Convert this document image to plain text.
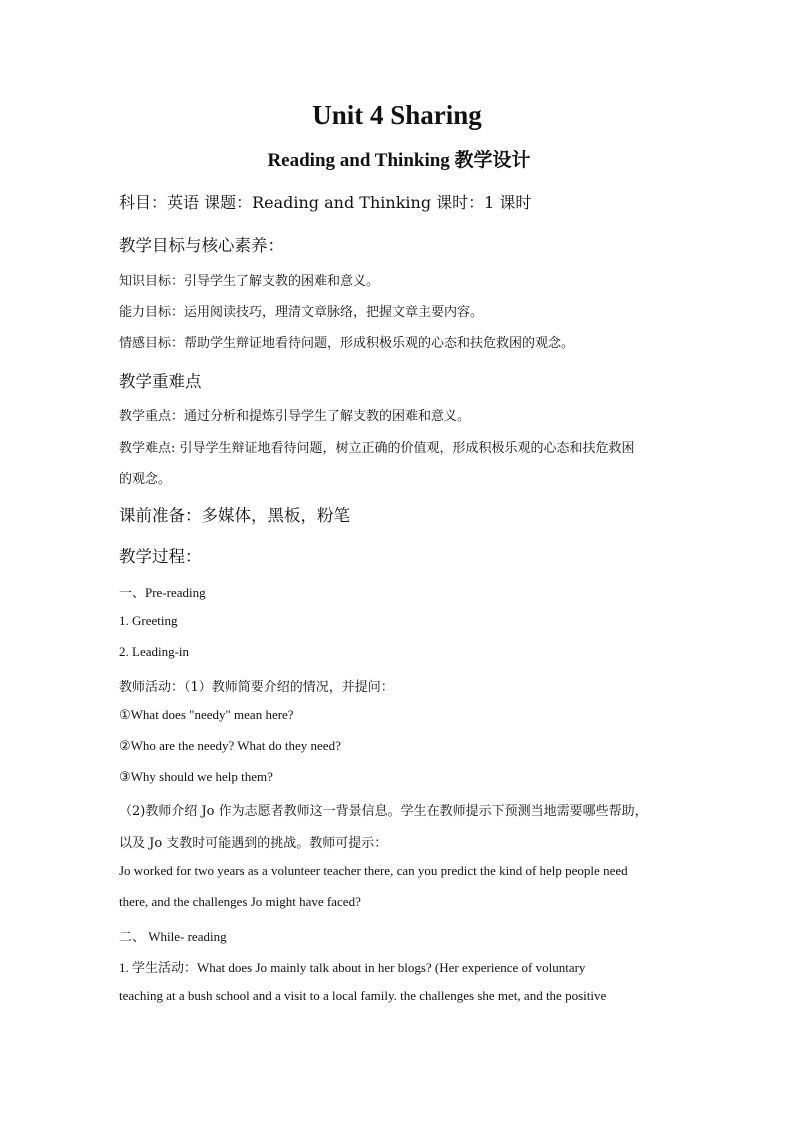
Unit 4 Sharing
Reading and Thinking 教学设计
科目：英语 课题：Reading and Thinking 课时：1 课时
教学目标与核心素养：
知识目标：引导学生了解支教的困难和意义。
能力目标：运用阅读技巧，理清文章脉络，把握文章主要内容。
情感目标：帮助学生辩证地看待问题，形成积极乐观的心态和扶危救困的观念。
教学重难点
教学重点：通过分析和提炼引导学生了解支教的困难和意义。
教学难点: 引导学生辩证地看待问题，树立正确的价值观，形成积极乐观的心态和扶危救困
的观念。
课前准备：多媒体，黑板，粉笔
教学过程：
一、Pre-reading
1. Greeting
2. Leading-in
教师活动：（1）教师简要介绍的情况，并提问：
①What does "needy" mean here?
②Who are the needy? What do they need?
③Why should we help them?
（2)教师介绍 Jo 作为志愿者教师这一背景信息。学生在教师提示下预测当地需要哪些帮助，
以及 Jo 支教时可能遇到的挑战。教师可提示：
Jo worked for two years as a volunteer teacher there, can you predict the kind of help people need
there, and the challenges Jo might have faced?
二、 While- reading
1. 学生活动：What does Jo mainly talk about in her blogs? (Her experience of voluntary
teaching at a bush school and a visit to a local family. the challenges she met, and the positive
